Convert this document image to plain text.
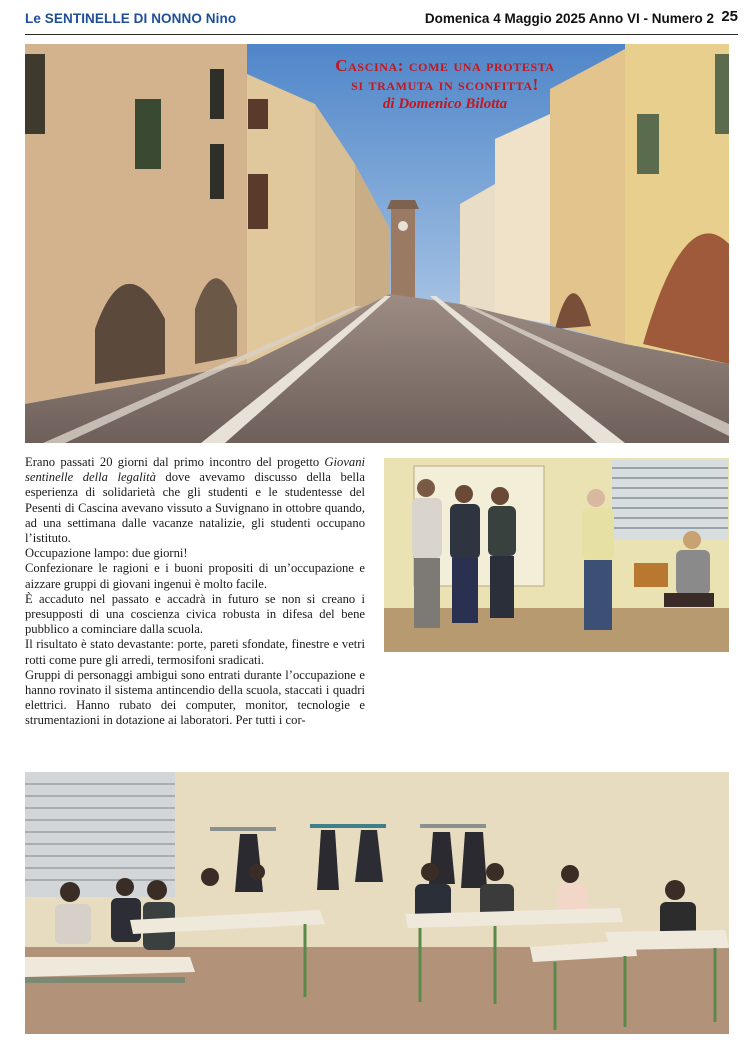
Le SENTINELLE DI NONNO Nino	Domenica 4 Maggio 2025 Anno VI - Numero 2 25
Cascina: come una protesta
si tramuta in sconfitta!
di Domenico Bilotta

Erano passati 20 giorni dal primo incontro del progetto Giovani sentinelle della legalità dove avevamo discusso della bella esperienza di solidarietà che gli studenti e le studentesse del Pesenti di Cascina avevano vissuto a Suvignano in ottobre quando, ad una settimana dalle vacanze natalizie, gli studenti occupano l’istituto.

Occupazione lampo: due giorni!

Confezionare le ragioni e i buoni propositi di un’occupazione e aizzare gruppi di giovani ingenui è molto facile.

È accaduto nel passato e accadrà in futuro se non si creano i presupposti di una coscienza civica robusta in difesa del bene pubblico a cominciare dalla scuola.

Il risultato è stato devastante: porte, pareti sfondate, finestre e vetri rotti come pure gli arredi, termosifoni sradicati.

Gruppi di personaggi ambigui sono entrati durante l’occupazione e hanno rovinato il sistema antincendio della scuola, staccati i quadri elettrici. Hanno rubato dei computer, monitor, tecnologie e strumentazioni in dotazione ai laboratori. Per tutti i cor-
